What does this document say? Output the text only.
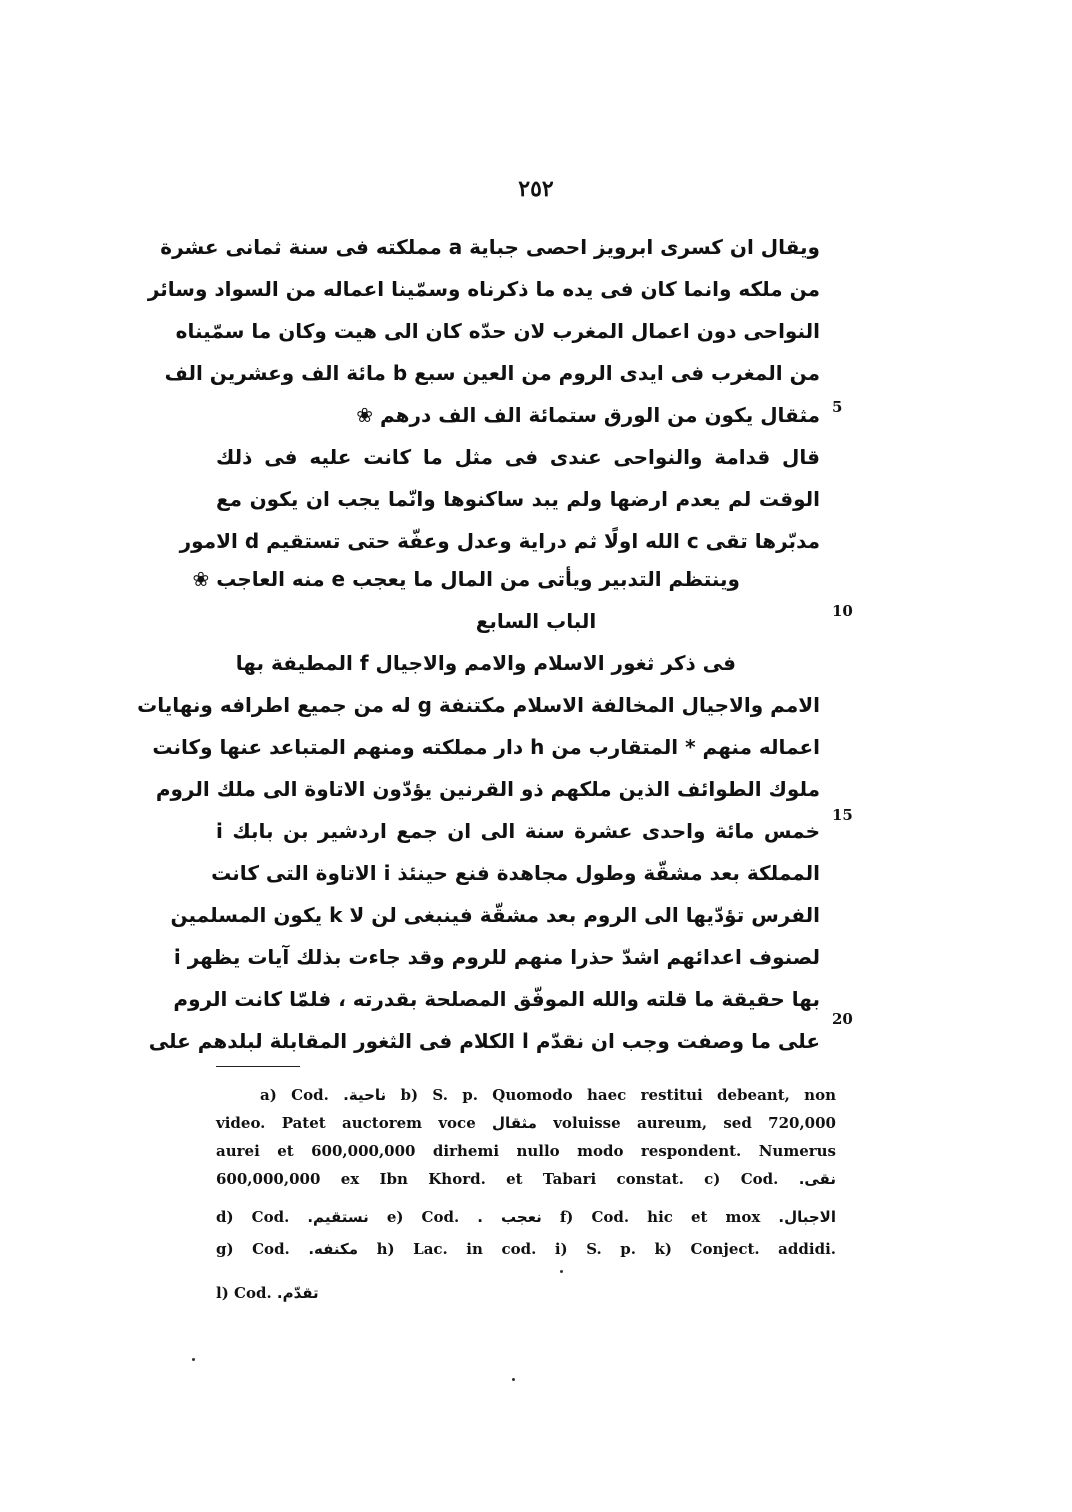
٢٥٢
ويقال ان كسرى ابرويز احصى جباية a مملكته فى سنة ثمانى عشرة
من ملكه وانما كان فى يده ما ذكرناه وسمّينا اعماله من السواد وسائر
النواحى دون اعمال المغرب لان حدّه كان الى هيت وكان ما سمّيناه
من المغرب فى ايدى الروم من العين سبع b مائة الف وعشرين الف
مثقال يكون من الورق ستمائة الف الف درهم ❀
قال قدامة والنواحى عندى فى مثل ما كانت عليه فى ذلك
الوقت لم يعدم ارضها ولم يبد ساكنوها وانّما يجب ان يكون مع
مدبّرها تقى c الله اولًا ثم دراية وعدل وعفّة حتى تستقيم d الامور
وينتظم التدبير ويأتى من المال ما يعجب e منه العاجب ❀
الباب السابع
فى ذكر ثغور الاسلام والامم والاجيال f المطيفة بها
الامم والاجيال المخالفة الاسلام مكتنفة g له من جميع اطرافه ونهايات
اعماله منهم * المتقارب من h دار مملكته ومنهم المتباعد عنها وكانت
ملوك الطوائف الذين ملكهم ذو القرنين يؤدّون الاتاوة الى ملك الروم
خمس مائة واحدى عشرة سنة الى ان جمع اردشير بن بابك i
المملكة بعد مشقّة وطول مجاهدة فنع حينئذ i الاتاوة التى كانت
الفرس تؤدّيها الى الروم بعد مشقّة فينبغى لن لا k يكون المسلمين
لصنوف اعدائهم اشدّ حذرا منهم للروم وقد جاءت بذلك آيات يظهر i
بها حقيقة ما قلته والله الموفّق المصلحة بقدرته ، فلمّا كانت الروم
على ما وصفت وجب ان نقدّم l الكلام فى الثغور المقابلة لبلدهم على
5
10
15
20
a) Cod. ناحية. b) S. p. Quomodo haec restitui debeant, non
video. Patet auctorem voce مثقال voluisse aureum, sed 720,000
aurei et 600,000,000 dirhemi nullo modo respondent. Numerus
600,000,000 ex Ibn Khord. et Tabari constat. c) Cod. نقى.
d) Cod. نستقيم. e) Cod. نعجب . f) Cod. hic et mox الاجبال.
g) Cod. مكنفه. h) Lac. in cod. i) S. p. k) Conject. addidi.
l) Cod. تقدّم.
